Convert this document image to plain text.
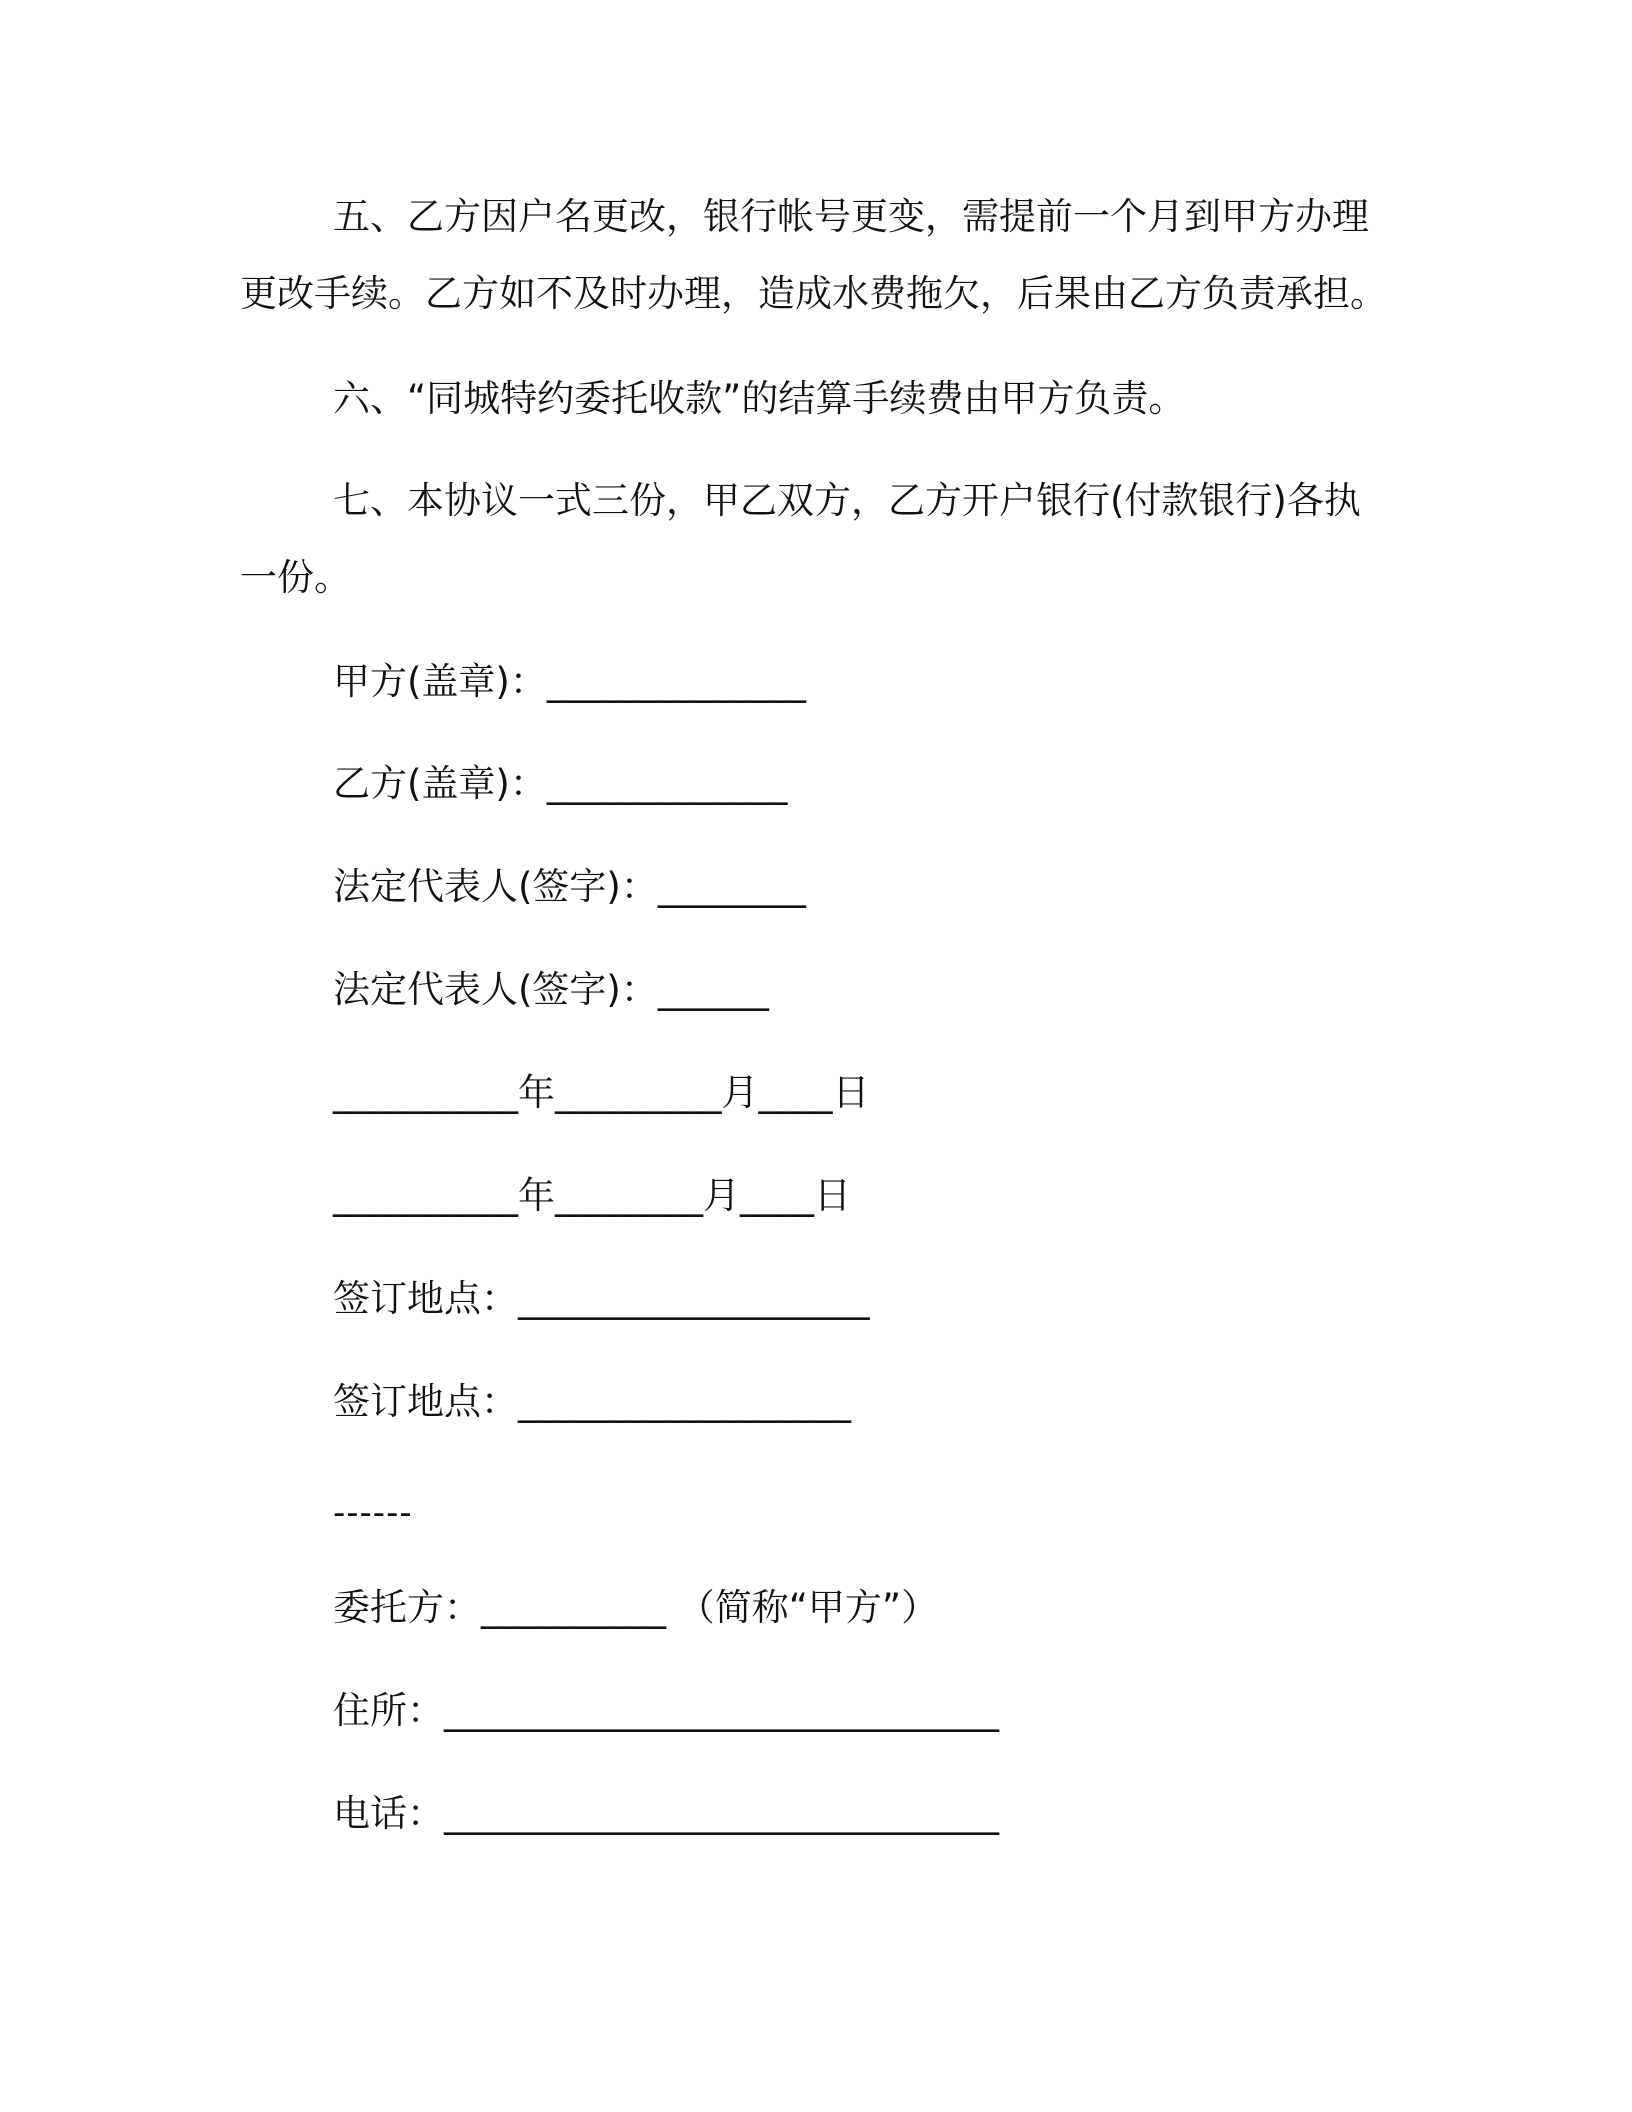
五、乙方因户名更改，银行帐号更变，需提前一个月到甲方办理
更改手续。乙方如不及时办理，造成水费拖欠，后果由乙方负责承担。
六、“同城特约委托收款”的结算手续费由甲方负责。
七、本协议一式三份，甲乙双方，乙方开户银行(付款银行)各执
一份。
甲方(盖章)：______________
乙方(盖章)：_____________
法定代表人(签字)：________
法定代表人(签字)：______
__________年_________月____日
__________年________月____日
签订地点：___________________
签订地点：__________________
------
委托方：__________ （简称“甲方”）
住所：______________________________
电话：______________________________
